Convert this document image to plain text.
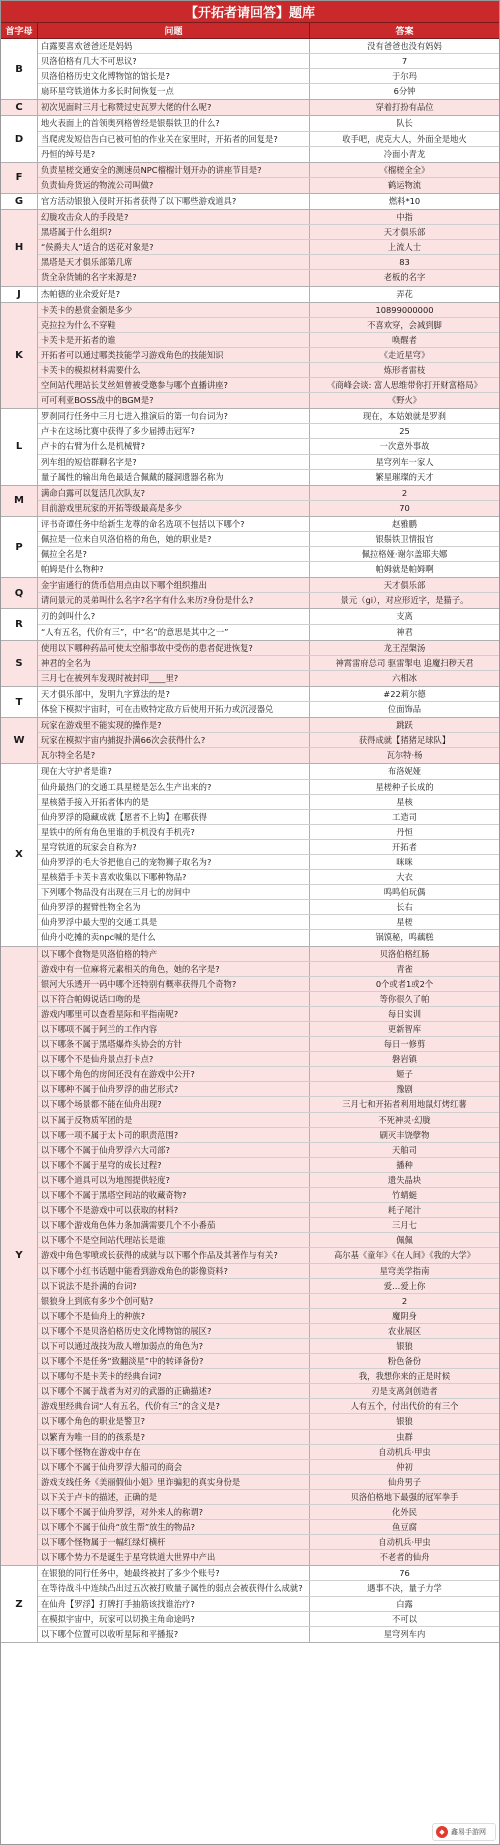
【开拓者请回答】题库
首字母	问题	答案
B
白露要喜欢爸爸还是妈妈	没有爸爸也没有妈妈
贝洛伯格有几大不可思议?	7
贝洛伯格历史文化博物馆的馆长是?	于尔玛
扇环星穹铁道体力多长时间恢复一点	6分钟
C	初次见面时三月七称赞过史瓦罗大佬的什么呢?	穿着打扮有品位
D
地火表面上的首领奥列格曾经是银鬃铁卫的什么?	队长
当爬虎发短信告白已被可怕的作业关在家里时，开拓者的回复是?	收手吧，虎克大人，外面全是地火
丹恒的绰号是?	冷面小青龙
F
负责星槎交通安全的测速员NPC榴榴计划开办的讲座节目是?	《榴槎全全》
负责仙舟货运的物流公司叫做?	鹤运物流
G	官方活动银狼入侵时开拓者获得了以下哪些游戏道具?	燃料*10
H
幻胧攻击众人的手段是?	中指
黑塔属于什么组织?	天才俱乐部
“侯爵夫人”适合的送花对象是?	上流人士
黑塔是天才俱乐部第几席	83
货全杂货铺的名字来源是?	老板的名字
J	杰帕德的业余爱好是?	弄花
K
卡芙卡的悬赏金额是多少	10899000000
克拉拉为什么不穿鞋	不喜欢穿，会减到脚
卡芙卡是开拓者的谁	唤醒者
开拓者可以通过哪类技能学习游戏角色的技能知识	《走近星穹》
卡芙卡的模拟材料需要什么	炼形者雷枝
空间站代理站长艾丝妲曾被受邀参与哪个直播讲座?	《商峰会谈: 富人思维带你打开财富格局》
可可利亚BOSS战中的BGM是?	《野火》
L
罗刹同行任务中三月七进入推演后的第一句台词为?	现在，本姑娘就是罗刹
卢卡在这场比赛中获得了多少届搏击冠军?	25
卢卡的右臂为什么是机械臂?	一次意外事故
列车组的短信群聊名字是?	星穹列车一家人
量子属性的输出角色最适合佩戴的隧洞遗器名称为	繁星璀璨的天才
M
满命白露可以复活几次队友?	2
目前游戏里玩家的开拓等级最高是多少	70
P
评书奇谭任务中给新生龙尊的命名选项不包括以下哪个?	赵雅鹏
佩拉是一位来自贝洛伯格的角色，她的职业是?	银鬃铁卫情报官
佩拉全名是?	佩拉格娅·谢尔盖耶夫娜
帕姆是什么物种?	帕姆就是帕姆啊
Q
金宇宙通行的货币信用点由以下哪个组织推出	天才俱乐部
请问景元的灵弟叫什么名字?名字有什么来历?身份是什么?	景元（gi），对应形近字，是猫子。
R
刃的剑叫什么?	支离
“人有五名，代价有三”，中“名”的意思是其中之一”	神君
S
使用以下哪种药品可使太空船事故中受伤的患者促进恢复?	龙王涅槃汤
神君的全名为	神霄雷府总司 驱雷掣电 追魔扫秽天君
三月七在被列车发现时被封印____里?	六相冰
T
天才俱乐部中，发明九字算法的是?	#22莉尔德
体验下模拟宇宙时，可在击败特定敌方后使用开拓力或沉浸器兑	位面饰品
W
玩家在游戏里不能实现的操作是?	跳跃
玩家在模拟宇宙内捕捉扑满66次会获得什么?	获得成就【猪猪足球队】
瓦尔特全名是?	瓦尔特·杨
X
现在大守护者是谁?	布洛妮娅
仙舟最热门的交通工具星槎是怎么生产出来的?	星槎种子长成的
星核猎手接入开拓者体内的是	星核
仙舟罗浮的隐藏成就【愿者不上钩】在哪获得	工造司
星铁中的所有角色里谁的手机没有手机壳?	丹恒
星穹铁道的玩家会自称为?	开拓者
仙舟罗浮的毛大爷把他自己的宠物狮子取名为?	咪咪
星核猎手卡芙卡喜欢收集以下哪种物品?	大衣
下列哪个物品没有出现在三月七的房间中	鸣鸣伯玩偶
仙舟罗浮的握臂性物全名为	长右
仙舟罗浮中最大型的交通工具是	星槎
仙舟小吃摊的卖npc喊的是什么	锅馍秘，鸣藕糕
Y
以下哪个食物是贝洛伯格的特产	贝洛伯格红肠
游戏中有一位麻将元素相关的角色，她的名字是?	青雀
银河大乐透开一码中哪个还特别有概率获得几个奇物?	0个或者1或2个
以下符合帕姆说话口吻的是	等你很久了帕
游戏内哪里可以查看星际和平指南呢?	每日实训
以下哪项不属于阿兰的工作内容	更新智库
以下哪条不属于黑塔爆炸头协会的方针	每日一修剪
以下哪个不是仙舟景点打卡点?	磐岩镇
以下哪个角色的房间还没有在游戏中公开?	姬子
以下哪种不属于仙舟罗浮的曲艺形式?	豫剧
以下哪个场景都不能在仙舟出现?	三月七和开拓者利用地鼠灯烤红薯
以下属于反物质军团的是	不死神灵·幻胧
以下哪一项不属于太卜司的职责范围?	刷灭丰饶孽物
以下哪个不属于仙舟罗浮六大司部?	天舶司
以下哪个不属于星穹的成长过程?	播种
以下哪个道具可以为地图提供轻度?	遗失晶块
以下哪个不属于黑塔空间站的收藏奇物?	竹蜻蜓
以下哪个不是游戏中可以获取的材料?	耗子尾汁
以下哪个游戏角色体力条加满需要几个不小番茄	三月七
以下哪个不是空间站代理站长是谁	佩佩
游戏中角色零喷或长获得的成就与以下哪个作品及其著作与有关?	高尔基《童年》《在人间》《我的大学》
以下哪个小红书话题中能看到游戏角色的影像资料?	星穹美学指南
以下说法不是扑满的台词?	爱…爱上你
银狼身上到底有多少个创可贴?	2
以下哪个不是仙舟上的种族?	魔阴身
以下哪个不是贝洛伯格历史文化博物馆的展区?	农业展区
以下可以通过战技为敌人增加弱点的角色为?	银狼
以下哪个不是任务“致翻淡星”中的转译备份?	粉色备份
以下哪句不是卡芙卡的经典台词?	我，我想你来的正是时候
以下哪个不属于战者为对刃的武器的正确描述?	刃是支离剑创造者
游戏里经典台词“人有五名，代价有三”的含义是?	人有五个，付出代价的有三个
以下哪个角色的职业是警卫?	银狼
以繁育为唯一目的的孩系是?	虫群
以下哪个怪物在游戏中存在	自动机兵·甲虫
以下哪个不属于仙舟罗浮大船司的商会	仲初
游戏支线任务《美丽假仙小姐》里诈骗犯的真实身份是	仙舟男子
以下关于卢卡的描述，正确的是	贝洛伯格地下最强的冠军拳手
以下哪个不属于仙舟罗浮，对外来人的称谓?	化外民
以下哪个不属于仙舟“放生帮”放生的物品?	鱼豆腐
以下哪个怪物属于一幅红绿灯横杆	自动机兵·甲虫
以下哪个势力不是诞生于星穹铁道大世界中产出	不老者的仙舟
Z
在银狼的同行任务中，她最终被封了多少个账号?	76
在等待战斗中连续凸出过五次被打败量子属性的弱点会被获得什么成就?	遇事不决，量子力学
在仙舟【罗浮】打牌打手抽筋该找谁治疗?	白露
在模拟宇宙中，玩家可以切换主角命途吗?	不可以
以下哪个位置可以收听星际和平播报?	星穹列车内
◆ 鑫易手游网
